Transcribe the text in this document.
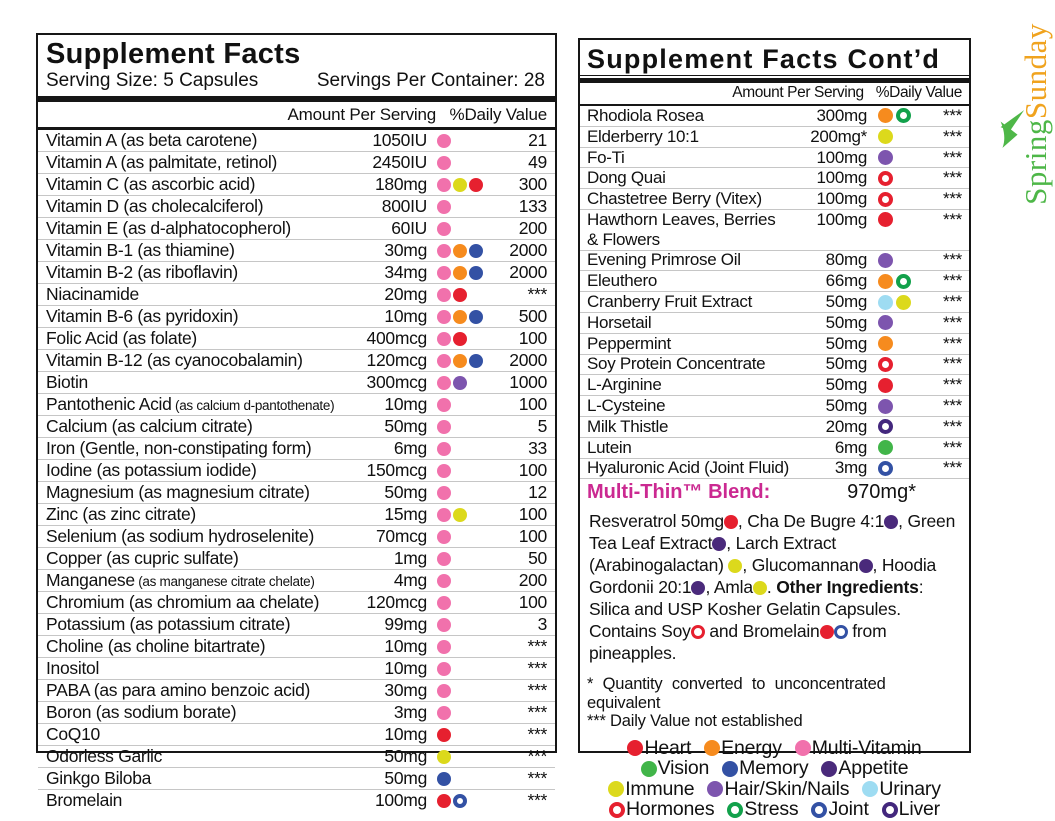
Supplement Facts
Serving Size: 5 Capsules	Servings Per Container: 28
Amount Per Serving %Daily Value
Vitamin A (as beta carotene)	1050IU	21
Vitamin A (as palmitate, retinol)	2450IU	49
Vitamin C (as ascorbic acid)	180mg	300
Vitamin D (as cholecalciferol)	800IU	133
Vitamin E (as d-alphatocopherol)	60IU	200
Vitamin B-1 (as thiamine)	30mg	2000
Vitamin B-2 (as riboflavin)	34mg	2000
Niacinamide	20mg	***
Vitamin B-6 (as pyridoxin)	10mg	500
Folic Acid (as folate)	400mcg	100
Vitamin B-12 (as cyanocobalamin)	120mcg	2000
Biotin	300mcg	1000
Pantothenic Acid (as calcium d-pantothenate)	10mg	100
Calcium (as calcium citrate)	50mg	5
Iron (Gentle, non-constipating form)	6mg	33
Iodine (as potassium iodide)	150mcg	100
Magnesium (as magnesium citrate)	50mg	12
Zinc (as zinc citrate)	15mg	100
Selenium (as sodium hydroselenite)	70mcg	100
Copper (as cupric sulfate)	1mg	50
Manganese (as manganese citrate chelate)	4mg	200
Chromium (as chromium aa chelate)	120mcg	100
Potassium (as potassium citrate)	99mg	3
Choline (as choline bitartrate)	10mg	***
Inositol	10mg	***
PABA (as para amino benzoic acid)	30mg	***
Boron (as sodium borate)	3mg	***
CoQ10	10mg	***
Odorless Garlic	50mg	***
Ginkgo Biloba	50mg	***
Bromelain	100mg	***
Supplement Facts Cont’d
Amount Per Serving %Daily Value
Rhodiola Rosea	300mg	***
Elderberry 10:1	200mg*	***
Fo-Ti	100mg	***
Dong Quai	100mg	***
Chastetree Berry (Vitex)	100mg	***
Hawthorn Leaves, Berries	100mg	***
& Flowers
Evening Primrose Oil	80mg	***
Eleuthero	66mg	***
Cranberry Fruit Extract	50mg	***
Horsetail	50mg	***
Peppermint	50mg	***
Soy Protein Concentrate	50mg	***
L-Arginine	50mg	***
L-Cysteine	50mg	***
Milk Thistle	20mg	***
Lutein	6mg	***
Hyaluronic Acid (Joint Fluid)	3mg	***
Multi-Thin™ Blend:	970mg*
Resveratrol 50mg , Cha De Bugre 4:1 , Green Tea Leaf Extract , Larch Extract (Arabinogalactan) , Glucomannan , Hoodia Gordonii 20:1 , Amla . Other Ingredients: Silica and USP Kosher Gelatin Capsules. Contains Soy and Bromelain from pineapples.
* Quantity converted to unconcentrated equivalent
*** Daily Value not established
Heart Energy Multi-Vitamin
Vision Memory Appetite
Immune Hair/Skin/Nails Urinary
Hormones Stress Joint Liver
Spring
Sunday
